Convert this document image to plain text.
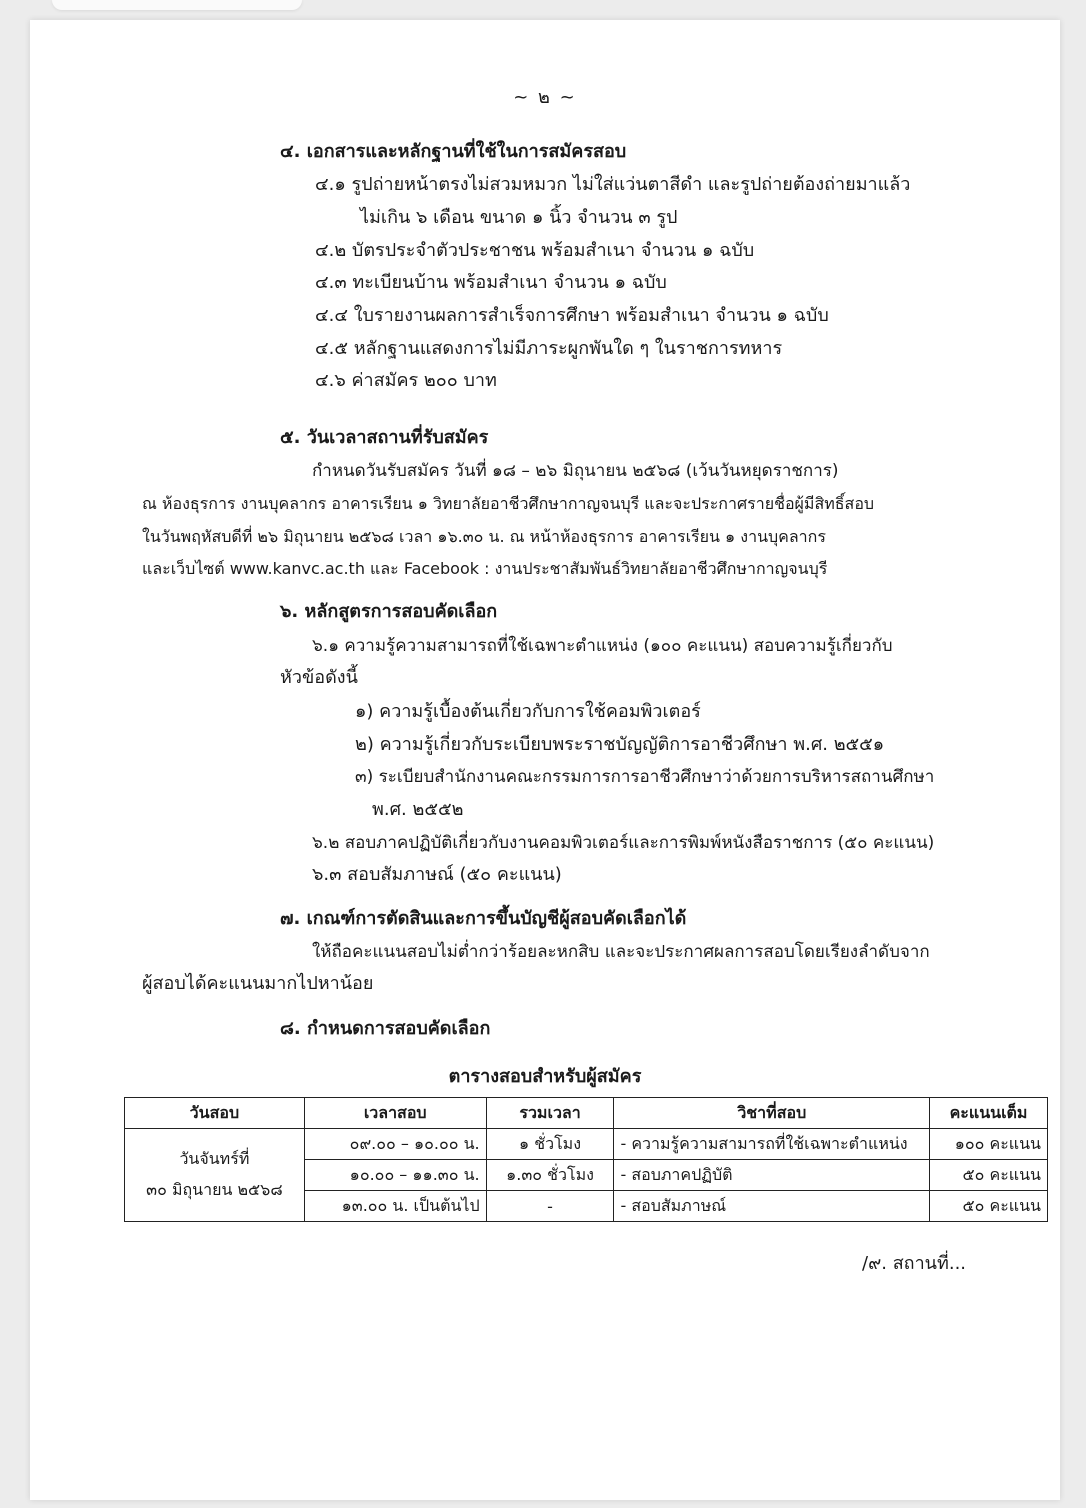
~ ๒ ~
๔. เอกสารและหลักฐานที่ใช้ในการสมัครสอบ
๔.๑ รูปถ่ายหน้าตรงไม่สวมหมวก ไม่ใส่แว่นตาสีดำ และรูปถ่ายต้องถ่ายมาแล้ว
ไม่เกิน ๖ เดือน ขนาด ๑ นิ้ว จำนวน ๓ รูป
๔.๒ บัตรประจำตัวประชาชน พร้อมสำเนา จำนวน ๑ ฉบับ
๔.๓ ทะเบียนบ้าน พร้อมสำเนา จำนวน ๑ ฉบับ
๔.๔ ใบรายงานผลการสำเร็จการศึกษา พร้อมสำเนา จำนวน ๑ ฉบับ
๔.๕ หลักฐานแสดงการไม่มีภาระผูกพันใด ๆ ในราชการทหาร
๔.๖ ค่าสมัคร ๒๐๐ บาท
๕. วันเวลาสถานที่รับสมัคร
กำหนดวันรับสมัคร วันที่ ๑๘ – ๒๖ มิถุนายน ๒๕๖๘ (เว้นวันหยุดราชการ)
ณ ห้องธุรการ งานบุคลากร อาคารเรียน ๑ วิทยาลัยอาชีวศึกษากาญจนบุรี และจะประกาศรายชื่อผู้มีสิทธิ์สอบ
ในวันพฤหัสบดีที่ ๒๖ มิถุนายน ๒๕๖๘ เวลา ๑๖.๓๐ น. ณ หน้าห้องธุรการ อาคารเรียน ๑ งานบุคลากร
และเว็บไซต์ www.kanvc.ac.th และ Facebook : งานประชาสัมพันธ์วิทยาลัยอาชีวศึกษากาญจนบุรี
๖. หลักสูตรการสอบคัดเลือก
๖.๑ ความรู้ความสามารถที่ใช้เฉพาะตำแหน่ง (๑๐๐ คะแนน) สอบความรู้เกี่ยวกับ
หัวข้อดังนี้
๑) ความรู้เบื้องต้นเกี่ยวกับการใช้คอมพิวเตอร์
๒) ความรู้เกี่ยวกับระเบียบพระราชบัญญัติการอาชีวศึกษา พ.ศ. ๒๕๕๑
๓) ระเบียบสำนักงานคณะกรรมการการอาชีวศึกษาว่าด้วยการบริหารสถานศึกษา
พ.ศ. ๒๕๕๒
๖.๒ สอบภาคปฏิบัติเกี่ยวกับงานคอมพิวเตอร์และการพิมพ์หนังสือราชการ (๕๐ คะแนน)
๖.๓ สอบสัมภาษณ์ (๕๐ คะแนน)
๗. เกณฑ์การตัดสินและการขึ้นบัญชีผู้สอบคัดเลือกได้
ให้ถือคะแนนสอบไม่ต่ำกว่าร้อยละหกสิบ และจะประกาศผลการสอบโดยเรียงลำดับจาก
ผู้สอบได้คะแนนมากไปหาน้อย
๘. กำหนดการสอบคัดเลือก
ตารางสอบสำหรับผู้สมัคร
วันสอบ	เวลาสอบ	รวมเวลา	วิชาที่สอบ	คะแนนเต็ม

วันจันทร์ที่
๓๐ มิถุนายน ๒๕๖๘	๐๙.๐๐ – ๑๐.๐๐ น.	๑ ชั่วโมง	- ความรู้ความสามารถที่ใช้เฉพาะตำแหน่ง	๑๐๐ คะแนน
	๑๐.๐๐ – ๑๑.๓๐ น.	๑.๓๐ ชั่วโมง	- สอบภาคปฏิบัติ	๕๐ คะแนน
	๑๓.๐๐ น. เป็นต้นไป	-	- สอบสัมภาษณ์	๕๐ คะแนน
/๙. สถานที่...
